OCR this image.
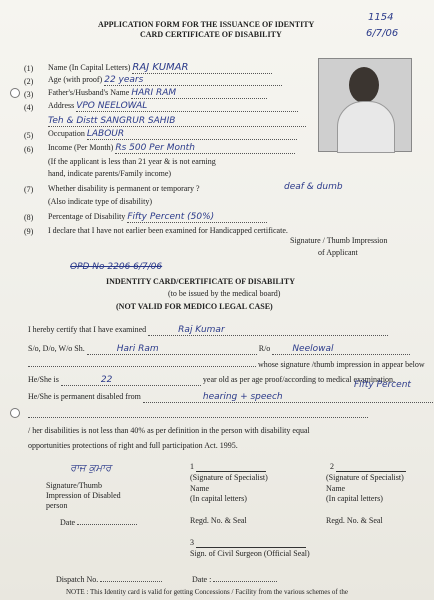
APPLICATION FORM FOR THE ISSUANCE OF IDENTITY
CARD CERTIFICATE OF DISABILITY
1154
6/7/06
(1) Name (In Capital Letters) RAJ KUMAR
(2) Age (with proof) 22 years
(3) Father's/Husband's Name HARI RAM
(4) Address VPO NEELOWAL
Teh & Distt SANGRUR SAHIB
(5) Occupation LABOUR
(6) Income (Per Month) Rs 500 Per Month
(If the applicant is less than 21 year & is not earning
hand, indicate parents/Family income)
(7) Whether disability is permanent or temporary ?
(Also indicate type of disability)
deaf & dumb
(8) Percentage of Disability Fifty Percent (50%)
(9) I declare that I have not earlier been examined for Handicapped certificate.
Signature / Thumb Impression
of Applicant
OPD No 2206 6/7/06
INDENTITY CARD/CERTIFICATE OF DISABILITY
(to be issued by the medical board)
(NOT VALID FOR MEDICO LEGAL CASE)
I hereby certify that I have examined	Raj Kumar
S/o, D/o, W/o Sh.	Hari Ram	R/o Neelowal
whose signature /thumb impression in appear below
He/She is	22	year old as per age proof/according to medical examination.
He/She is permanent disabled from	hearing + speech
Fifty Percent
/ her disabilities is not less than 40% as per definition in the person with disability equal
opportunities protections of right and full participation Act. 1995.
ਰਾਜ ਕੁਮਾਰ
Signature/Thumb
Impression of Disabled
person
Date
1
(Signature of Specialist)
Name
(In capital letters)
Regd. No. & Seal
2
(Signature of Specialist)
Name
(In capital letters)
Regd. No. & Seal
3
Sign. of Civil Surgeon (Official Seal)
Dispatch No.	Date :
NOTE : This Identity card is valid for getting Concessions / Facility from the various schemes of the
